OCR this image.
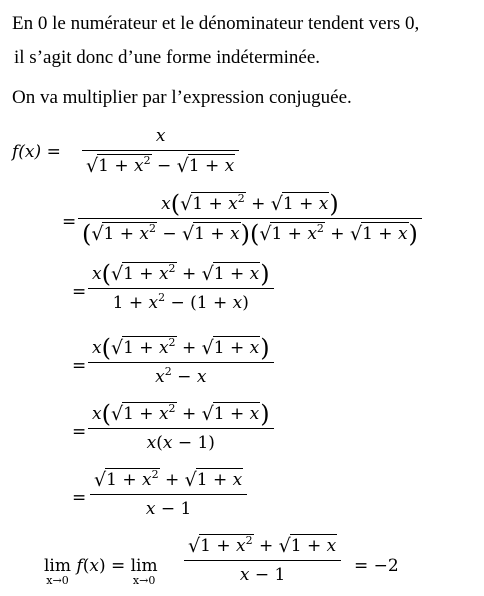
En 0 le numérateur et le dénominateur tendent vers 0,
il s’agit donc d’une forme indéterminée.
On va multiplier par l’expression conjuguée.
f(x) =
x
$√1 + x^2 - √1 + x$
=
$x(√1 + x^2 + √1 + x)$
$(√1 + x^2 - √1 + x)(√1 + x^2 + √1 + x)$
=
$x(√1 + x^2 + √1 + x)$
$1 + x^2 - (1 + x)$
=
$x(√1 + x^2 + √1 + x)$
$x^2 - x$
=
$x(√1 + x^2 + √1 + x)$
x(x − 1)
=
$√1 + x^2 + √1 + x$
x − 1
lim
x→0
f(x) = lim
x→0
$√1 + x^2 + √1 + x$
x − 1	= −2
